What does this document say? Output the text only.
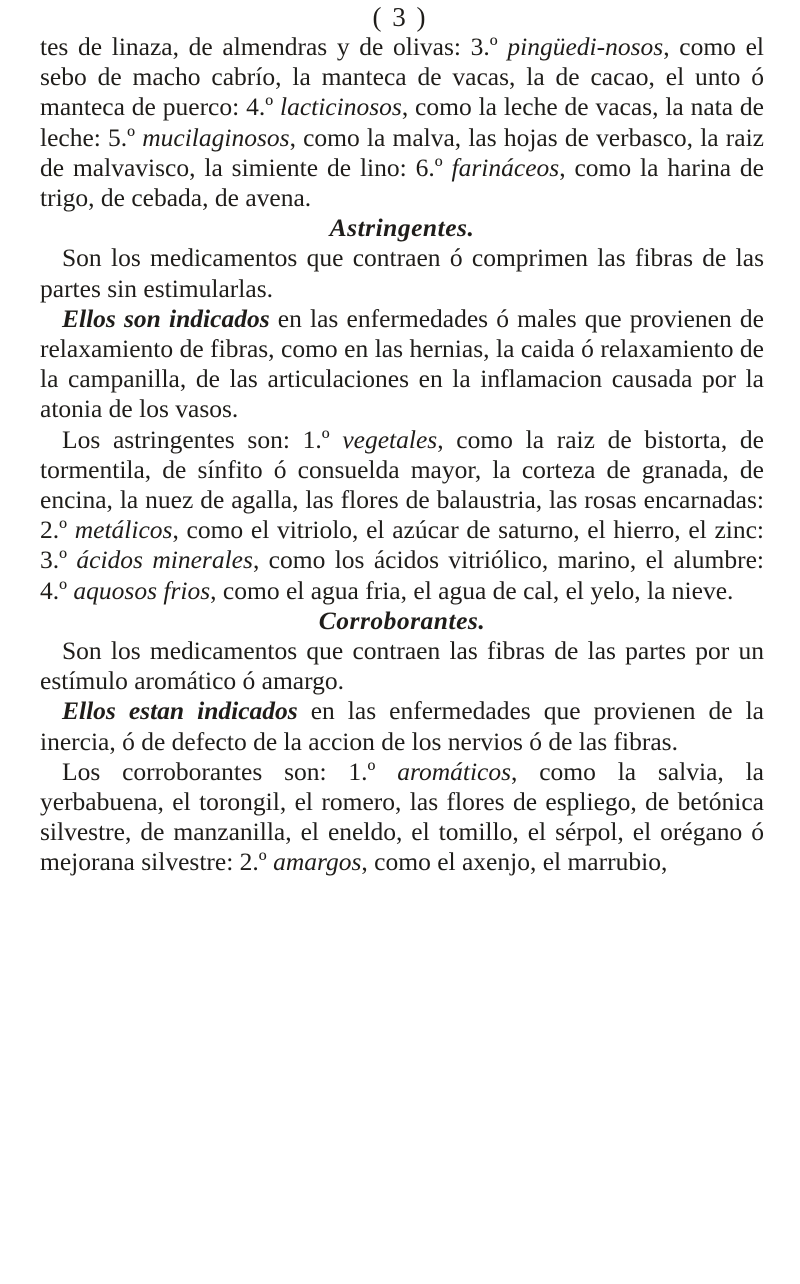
( 3 )

tes de linaza, de almendras y de olivas: 3.º pingüedi-nosos, como el sebo de macho cabrío, la manteca de vacas, la de cacao, el unto ó manteca de puerco: 4.º lacticinosos, como la leche de vacas, la nata de leche: 5.º mucilaginosos, como la malva, las hojas de verbasco, la raiz de malvavisco, la simiente de lino: 6.º farináceos, como la harina de trigo, de cebada, de avena.

Astringentes.

Son los medicamentos que contraen ó comprimen las fibras de las partes sin estimularlas.

Ellos son indicados en las enfermedades ó males que provienen de relaxamiento de fibras, como en las hernias, la caida ó relaxamiento de la campanilla, de las articulaciones en la inflamacion causada por la atonia de los vasos.

Los astringentes son: 1.º vegetales, como la raiz de bistorta, de tormentila, de sínfito ó consuelda mayor, la corteza de granada, de encina, la nuez de agalla, las flores de balaustria, las rosas encarnadas: 2.º metálicos, como el vitriolo, el azúcar de saturno, el hierro, el zinc: 3.º ácidos minerales, como los ácidos vitriólico, marino, el alumbre: 4.º aquosos frios, como el agua fria, el agua de cal, el yelo, la nieve.

Corroborantes.

Son los medicamentos que contraen las fibras de las partes por un estímulo aromático ó amargo.

Ellos estan indicados en las enfermedades que provienen de la inercia, ó de defecto de la accion de los nervios ó de las fibras.

Los corroborantes son: 1.º aromáticos, como la salvia, la yerbabuena, el torongil, el romero, las flores de espliego, de betónica silvestre, de manzanilla, el eneldo, el tomillo, el sérpol, el orégano ó mejorana silvestre: 2.º amargos, como el axenjo, el marrubio,
